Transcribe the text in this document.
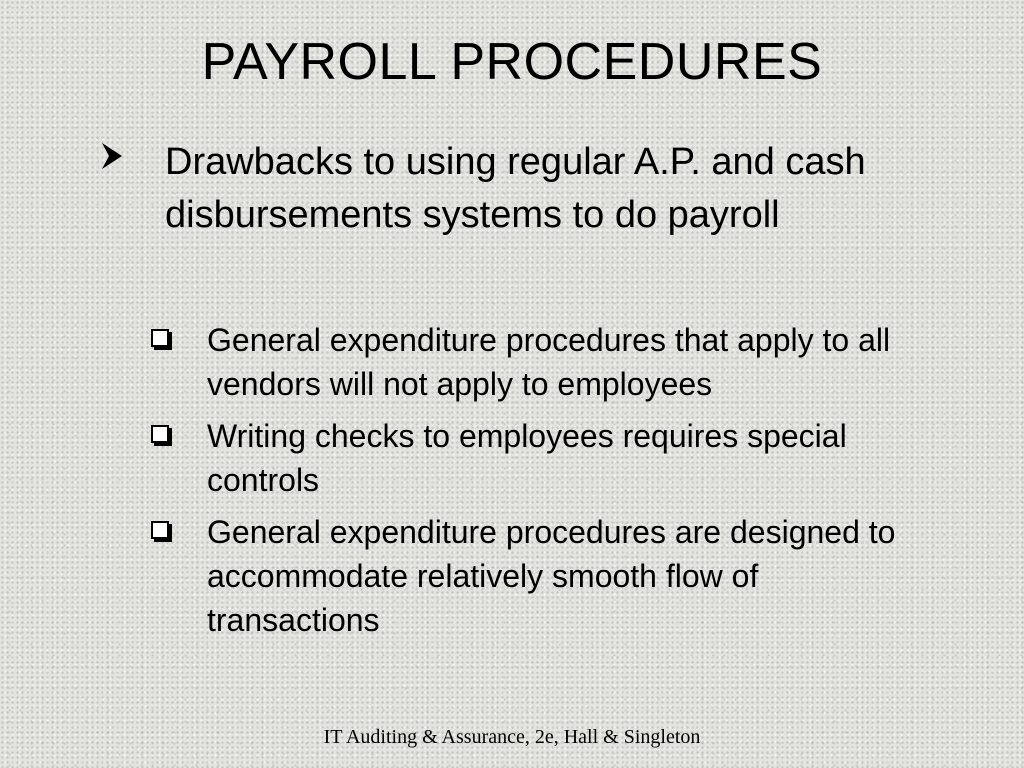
PAYROLL PROCEDURES
Drawbacks to using regular A.P. and cash disbursements systems to do payroll
General expenditure procedures that apply to all vendors will not apply to employees
Writing checks to employees requires special controls
General expenditure procedures are designed to accommodate relatively smooth flow of transactions
IT Auditing & Assurance, 2e, Hall & Singleton
